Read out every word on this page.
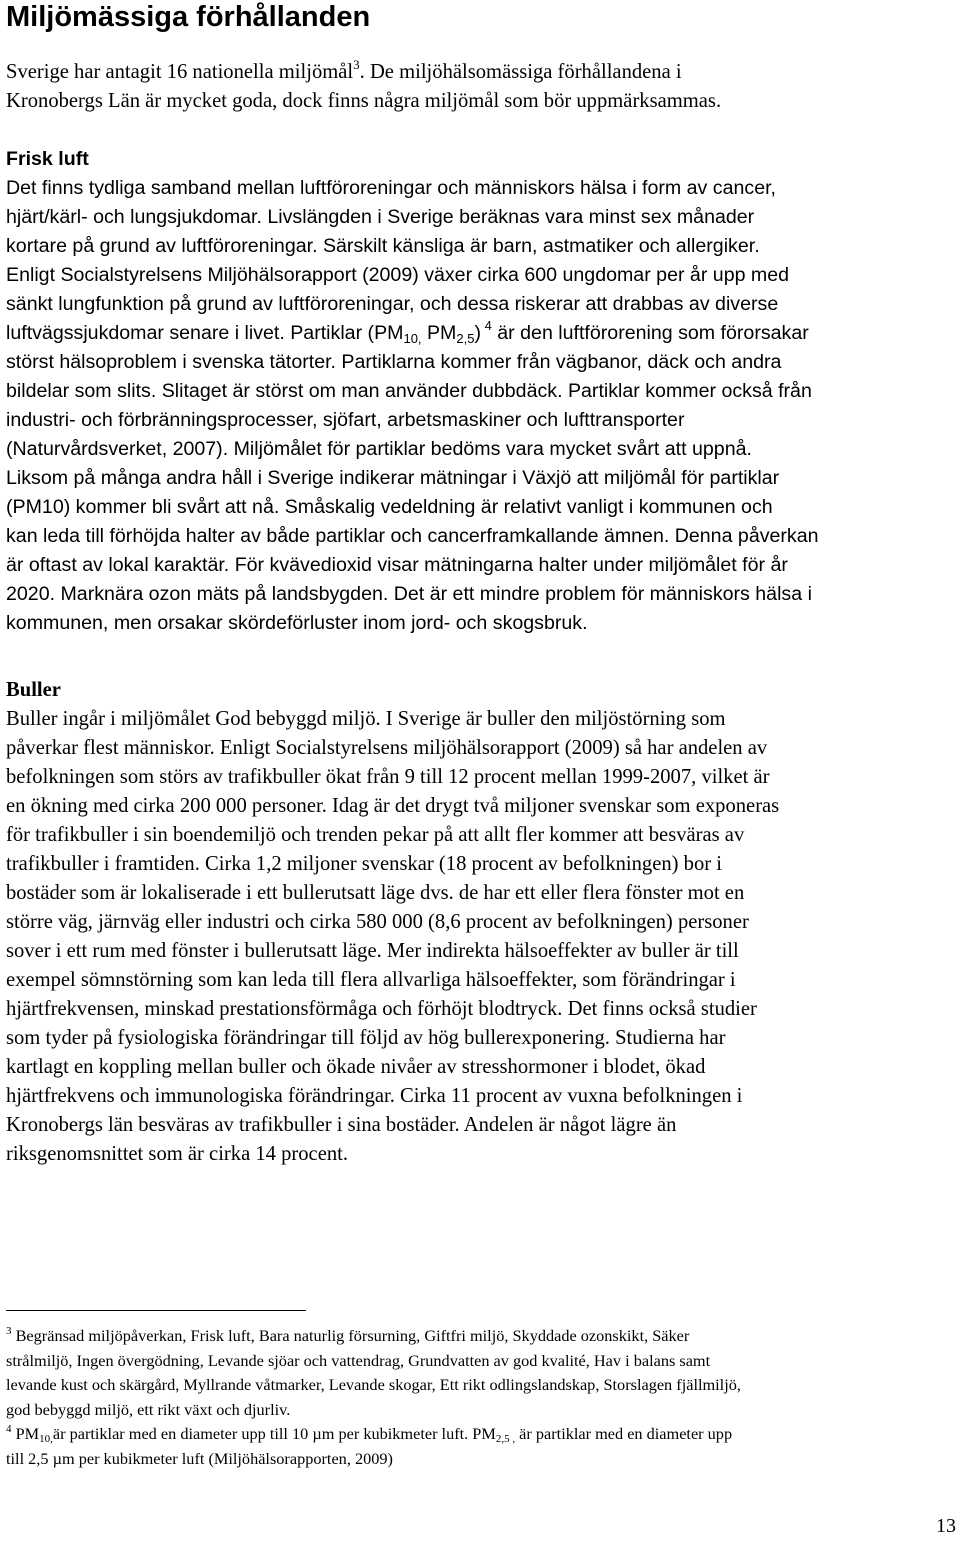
Miljömässiga förhållanden

Sverige har antagit 16 nationella miljömål$^3$. De miljöhälsomässiga förhållandena i
Kronobergs Län är mycket goda, dock finns några miljömål som bör uppmärksammas.

Frisk luft
Det finns tydliga samband mellan luftföroreningar och människors hälsa i form av cancer,
hjärt/kärl- och lungsjukdomar. Livslängden i Sverige beräknas vara minst sex månader
kortare på grund av luftföroreningar. Särskilt känsliga är barn, astmatiker och allergiker.
Enligt Socialstyrelsens Miljöhälsorapport (2009) växer cirka 600 ungdomar per år upp med
sänkt lungfunktion på grund av luftföroreningar, och dessa riskerar att drabbas av diverse
luftvägssjukdomar senare i livet. Partiklar ($PM_{10,}$ $PM_{2,5}$) $^4$ är den luftförorening som förorsakar
störst hälsoproblem i svenska tätorter. Partiklarna kommer från vägbanor, däck och andra
bildelar som slits. Slitaget är störst om man använder dubbdäck. Partiklar kommer också från
industri- och förbränningsprocesser, sjöfart, arbetsmaskiner och lufttransporter
(Naturvårdsverket, 2007). Miljömålet för partiklar bedöms vara mycket svårt att uppnå.
Liksom på många andra håll i Sverige indikerar mätningar i Växjö att miljömål för partiklar
(PM10) kommer bli svårt att nå. Småskalig vedeldning är relativt vanligt i kommunen och
kan leda till förhöjda halter av både partiklar och cancerframkallande ämnen. Denna påverkan
är oftast av lokal karaktär. För kvävedioxid visar mätningarna halter under miljömålet för år
2020. Marknära ozon mäts på landsbygden. Det är ett mindre problem för människors hälsa i
kommunen, men orsakar skördeförluster inom jord- och skogsbruk.

Buller
Buller ingår i miljömålet God bebyggd miljö. I Sverige är buller den miljöstörning som
påverkar flest människor. Enligt Socialstyrelsens miljöhälsorapport (2009) så har andelen av
befolkningen som störs av trafikbuller ökat från 9 till 12 procent mellan 1999-2007, vilket är
en ökning med cirka 200 000 personer. Idag är det drygt två miljoner svenskar som exponeras
för trafikbuller i sin boendemiljö och trenden pekar på att allt fler kommer att besväras av
trafikbuller i framtiden. Cirka 1,2 miljoner svenskar (18 procent av befolkningen) bor i
bostäder som är lokaliserade i ett bullerutsatt läge dvs. de har ett eller flera fönster mot en
större väg, järnväg eller industri och cirka 580 000 (8,6 procent av befolkningen) personer
sover i ett rum med fönster i bullerutsatt läge. Mer indirekta hälsoeffekter av buller är till
exempel sömnstörning som kan leda till flera allvarliga hälsoeffekter, som förändringar i
hjärtfrekvensen, minskad prestationsförmåga och förhöjt blodtryck. Det finns också studier
som tyder på fysiologiska förändringar till följd av hög bullerexponering. Studierna har
kartlagt en koppling mellan buller och ökade nivåer av stresshormoner i blodet, ökad
hjärtfrekvens och immunologiska förändringar. Cirka 11 procent av vuxna befolkningen i
Kronobergs län besväras av trafikbuller i sina bostäder. Andelen är något lägre än
riksgenomsnittet som är cirka 14 procent.

$^3$ Begränsad miljöpåverkan, Frisk luft, Bara naturlig försurning, Giftfri miljö, Skyddade ozonskikt, Säker
strålmiljö, Ingen övergödning, Levande sjöar och vattendrag, Grundvatten av god kvalité, Hav i balans samt
levande kust och skärgård, Myllrande våtmarker, Levande skogar, Ett rikt odlingslandskap, Storslagen fjällmiljö,
god bebyggd miljö, ett rikt växt och djurliv.
$^4$ PM10,är partiklar med en diameter upp till 10 µm per kubikmeter luft. PM2,5 , är partiklar med en diameter upp
till 2,5 µm per kubikmeter luft (Miljöhälsorapporten, 2009)
13
